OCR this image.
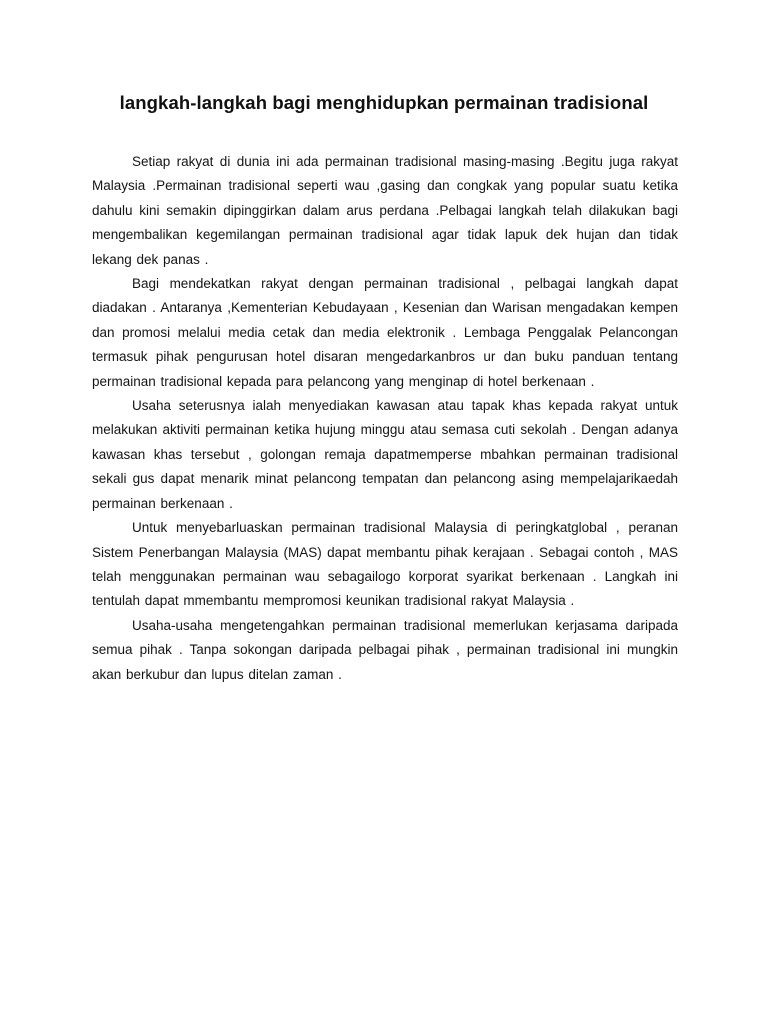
langkah-langkah bagi menghidupkan permainan tradisional

Setiap rakyat di dunia ini ada permainan tradisional masing-masing .Begitu juga rakyat Malaysia .Permainan tradisional seperti wau ,gasing dan congkak yang popular suatu ketika dahulu kini semakin dipinggirkan dalam arus perdana .Pelbagai langkah telah dilakukan bagi mengembalikan kegemilangan permainan tradisional agar tidak lapuk dek hujan dan tidak lekang dek panas .

Bagi mendekatkan rakyat dengan permainan tradisional , pelbagai langkah dapat diadakan . Antaranya ,Kementerian Kebudayaan , Kesenian dan Warisan mengadakan kempen dan promosi melalui media cetak dan media elektronik . Lembaga Penggalak Pelancongan termasuk pihak pengurusan hotel disaran mengedarkanbros ur dan buku panduan tentang permainan tradisional kepada para pelancong yang menginap di hotel berkenaan .

Usaha seterusnya ialah menyediakan kawasan atau tapak khas kepada rakyat untuk melakukan aktiviti permainan ketika hujung minggu atau semasa cuti sekolah . Dengan adanya kawasan khas tersebut , golongan remaja dapatmemperse mbahkan permainan tradisional sekali gus dapat menarik minat pelancong tempatan dan pelancong asing mempelajarikaedah permainan berkenaan .

Untuk menyebarluaskan permainan tradisional Malaysia di peringkatglobal , peranan Sistem Penerbangan Malaysia (MAS) dapat membantu pihak kerajaan . Sebagai contoh , MAS telah menggunakan permainan wau sebagailogo korporat syarikat berkenaan . Langkah ini tentulah dapat mmembantu mempromosi keunikan tradisional rakyat Malaysia .

Usaha-usaha mengetengahkan permainan tradisional memerlukan kerjasama daripada semua pihak . Tanpa sokongan daripada pelbagai pihak , permainan tradisional ini mungkin akan berkubur dan lupus ditelan zaman .
